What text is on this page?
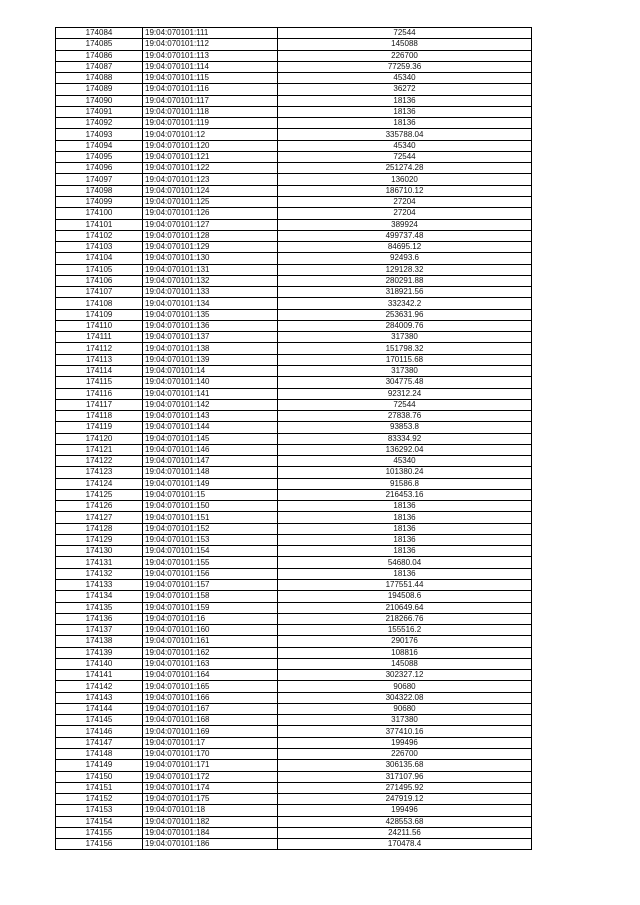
174084	19:04:070101:111	72544
174085	19:04:070101:112	145088
174086	19:04:070101:113	226700
174087	19:04:070101:114	77259.36
174088	19:04:070101:115	45340
174089	19:04:070101:116	36272
174090	19:04:070101:117	18136
174091	19:04:070101:118	18136
174092	19:04:070101:119	18136
174093	19:04:070101:12	335788.04
174094	19:04:070101:120	45340
174095	19:04:070101:121	72544
174096	19:04:070101:122	251274.28
174097	19:04:070101:123	136020
174098	19:04:070101:124	186710.12
174099	19:04:070101:125	27204
174100	19:04:070101:126	27204
174101	19:04:070101:127	389924
174102	19:04:070101:128	499737.48
174103	19:04:070101:129	84695.12
174104	19:04:070101:130	92493.6
174105	19:04:070101:131	129128.32
174106	19:04:070101:132	280291.88
174107	19:04:070101:133	318921.56
174108	19:04:070101:134	332342.2
174109	19:04:070101:135	253631.96
174110	19:04:070101:136	284009.76
174111	19:04:070101:137	317380
174112	19:04:070101:138	151798.32
174113	19:04:070101:139	170115.68
174114	19:04:070101:14	317380
174115	19:04:070101:140	304775.48
174116	19:04:070101:141	92312.24
174117	19:04:070101:142	72544
174118	19:04:070101:143	27838.76
174119	19:04:070101:144	93853.8
174120	19:04:070101:145	83334.92
174121	19:04:070101:146	136292.04
174122	19:04:070101:147	45340
174123	19:04:070101:148	101380.24
174124	19:04:070101:149	91586.8
174125	19:04:070101:15	216453.16
174126	19:04:070101:150	18136
174127	19:04:070101:151	18136
174128	19:04:070101:152	18136
174129	19:04:070101:153	18136
174130	19:04:070101:154	18136
174131	19:04:070101:155	54680.04
174132	19:04:070101:156	18136
174133	19:04:070101:157	177551.44
174134	19:04:070101:158	194508.6
174135	19:04:070101:159	210649.64
174136	19:04:070101:16	218266.76
174137	19:04:070101:160	155516.2
174138	19:04:070101:161	290176
174139	19:04:070101:162	108816
174140	19:04:070101:163	145088
174141	19:04:070101:164	302327.12
174142	19:04:070101:165	90680
174143	19:04:070101:166	304322.08
174144	19:04:070101:167	90680
174145	19:04:070101:168	317380
174146	19:04:070101:169	377410.16
174147	19:04:070101:17	199496
174148	19:04:070101:170	226700
174149	19:04:070101:171	306135.68
174150	19:04:070101:172	317107.96
174151	19:04:070101:174	271495.92
174152	19:04:070101:175	247919.12
174153	19:04:070101:18	199496
174154	19:04:070101:182	428553.68
174155	19:04:070101:184	24211.56
174156	19:04:070101:186	170478.4
